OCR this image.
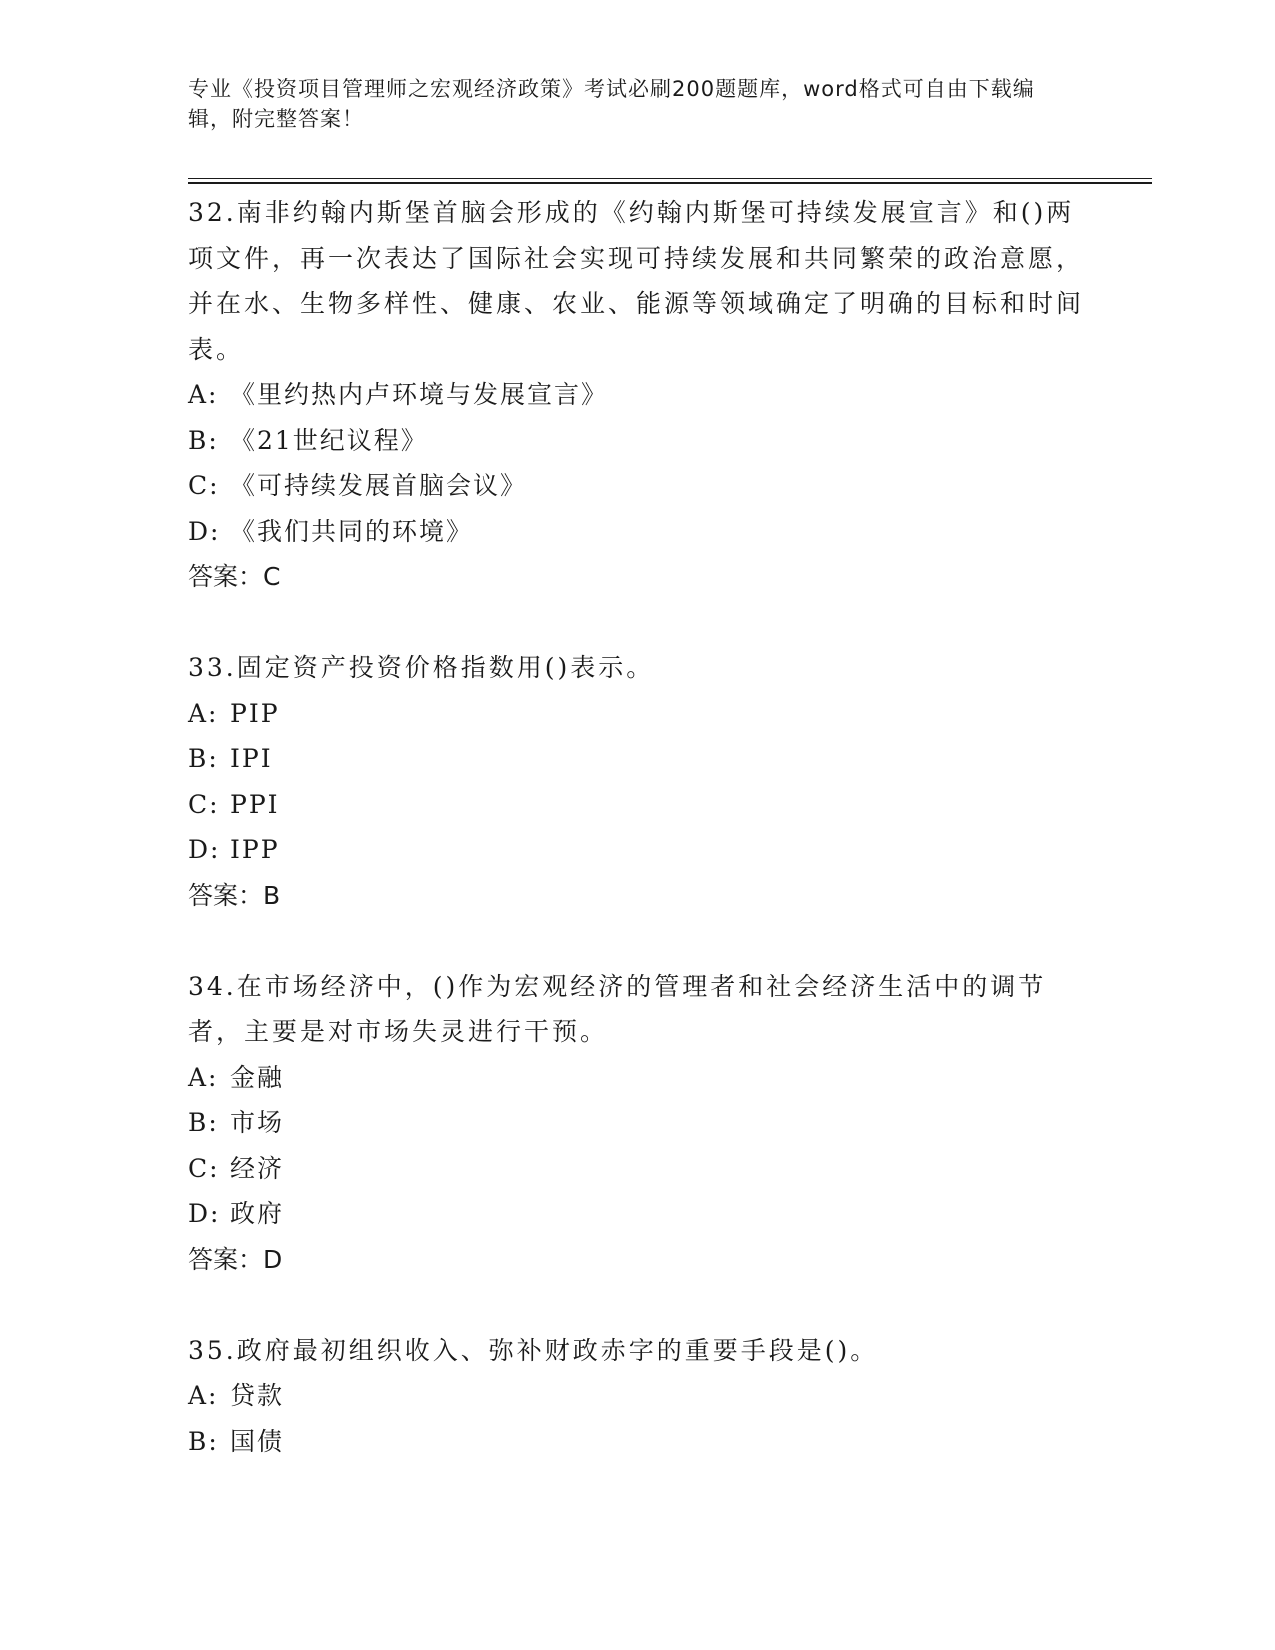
专业《投资项目管理师之宏观经济政策》考试必刷200题题库，word格式可自由下载编辑，附完整答案！

32.南非约翰内斯堡首脑会形成的《约翰内斯堡可持续发展宣言》和()两项文件，再一次表达了国际社会实现可持续发展和共同繁荣的政治意愿，并在水、生物多样性、健康、农业、能源等领域确定了明确的目标和时间表。

A: 《里约热内卢环境与发展宣言》

B: 《21世纪议程》

C: 《可持续发展首脑会议》

D: 《我们共同的环境》

答案：C

33.固定资产投资价格指数用()表示。

A: PIP

B: IPI

C: PPI

D: IPP

答案：B

34.在市场经济中，()作为宏观经济的管理者和社会经济生活中的调节者，主要是对市场失灵进行干预。

A: 金融

B: 市场

C: 经济

D: 政府

答案：D

35.政府最初组织收入、弥补财政赤字的重要手段是()。

A: 贷款

B: 国债
